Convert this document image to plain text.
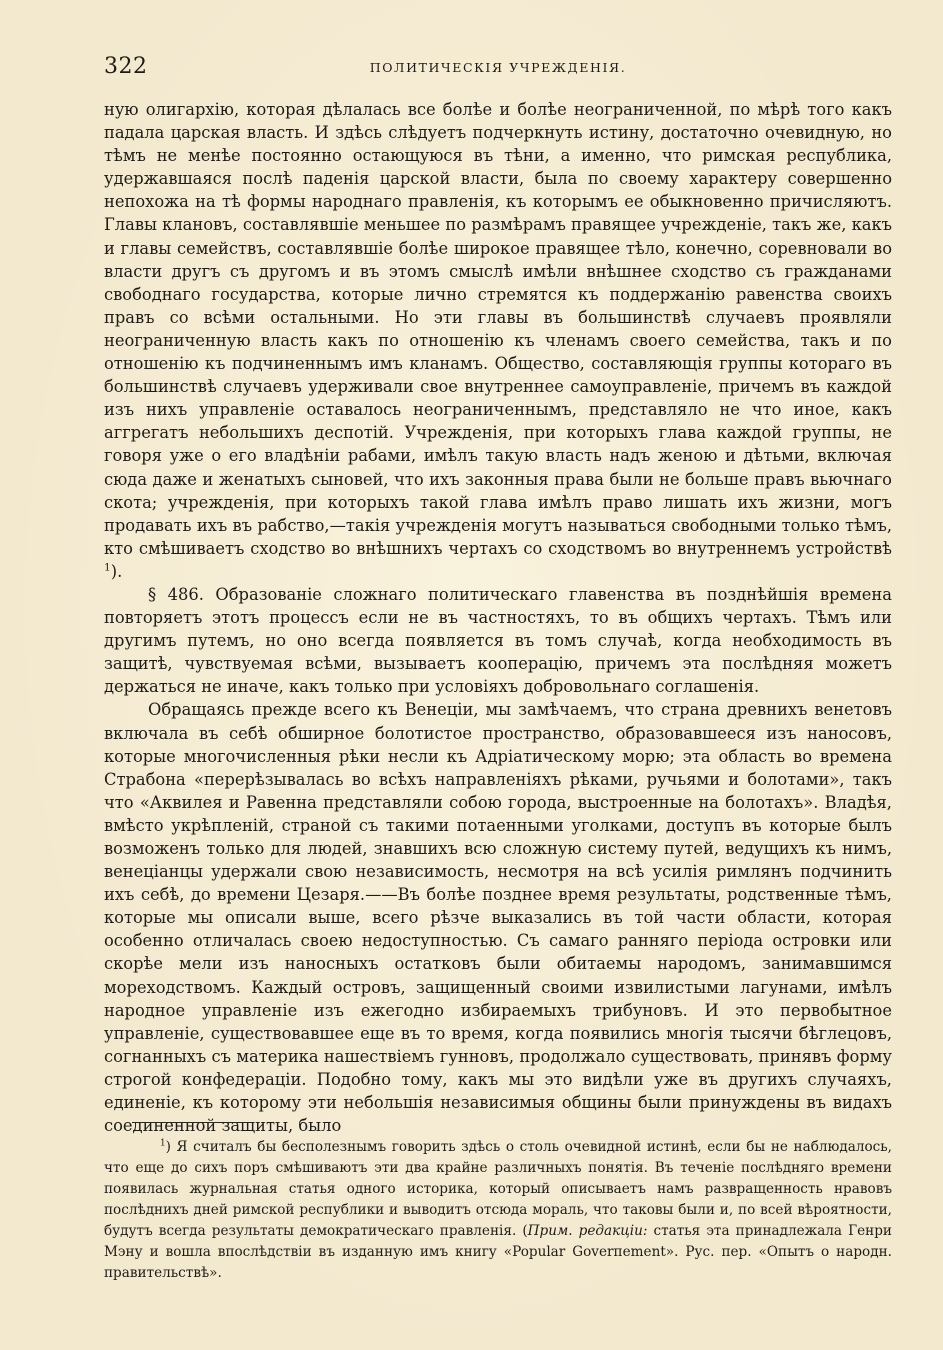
322	ПОЛИТИЧЕСКІЯ УЧРЕЖДЕНІЯ.

ную олигархію, которая дѣлалась все болѣе и болѣе неограниченной, по мѣрѣ того какъ падала царская власть. И здѣсь слѣдуетъ подчеркнуть истину, достаточно очевидную, но тѣмъ не менѣе постоянно остающуюся въ тѣни, а именно, что римская республика, удержавшаяся послѣ паденія царской власти, была по своему характеру совершенно непохожа на тѣ формы народнаго правленія, къ которымъ ее обыкновенно причисляютъ. Главы клановъ, составлявшіе меньшее по размѣрамъ правящее учрежденіе, такъ же, какъ и главы семействъ, составлявшіе болѣе широкое правящее тѣло, конечно, соревновали во власти другъ съ другомъ и въ этомъ смыслѣ имѣли внѣшнее сходство съ гражданами свободнаго государства, которые лично стремятся къ поддержанію равенства своихъ правъ со всѣми остальными. Но эти главы въ большинствѣ случаевъ проявляли неограниченную власть какъ по отношенію къ членамъ своего семейства, такъ и по отношенію къ подчиненнымъ имъ кланамъ. Общество, составляющія группы котораго въ большинствѣ случаевъ удерживали свое внутреннее самоуправленіе, причемъ въ каждой изъ нихъ управленіе оставалось неограниченнымъ, представляло не что иное, какъ аггрегатъ небольшихъ деспотій. Учрежденія, при которыхъ глава каждой группы, не говоря уже о его владѣніи рабами, имѣлъ такую власть надъ женою и дѣтьми, включая сюда даже и женатыхъ сыновей, что ихъ законныя права были не больше правъ вьючнаго скота; учрежденія, при которыхъ такой глава имѣлъ право лишать ихъ жизни, могъ продавать ихъ въ рабство,—такія учрежденія могутъ называться свободными только тѣмъ, кто смѣшиваетъ сходство во внѣшнихъ чертахъ со сходствомъ во внутреннемъ устройствѣ $^1$).

§ 486. Образованіе сложнаго политическаго главенства въ позднѣйшія времена повторяетъ этотъ процессъ если не въ частностяхъ, то въ общихъ чертахъ. Тѣмъ или другимъ путемъ, но оно всегда появляется въ томъ случаѣ, когда необходимость въ защитѣ, чувствуемая всѣми, вызываетъ кооперацію, причемъ эта послѣдняя можетъ держаться не иначе, какъ только при условіяхъ добровольнаго соглашенія.

Обращаясь прежде всего къ Венеціи, мы замѣчаемъ, что страна древнихъ венетовъ включала въ себѣ обширное болотистое пространство, образовавшееся изъ наносовъ, которые многочисленныя рѣки несли къ Адріатическому морю; эта область во времена Страбона «перерѣзывалась во всѣхъ направленіяхъ рѣками, ручьями и болотами», такъ что «Аквилея и Равенна представляли собою города, выстроенные на болотахъ». Владѣя, вмѣсто укрѣпленій, страной съ такими потаенными уголками, доступъ въ которые былъ возможенъ только для людей, знавшихъ всю сложную систему путей, ведущихъ къ нимъ, венеціанцы удержали свою независимость, несмотря на всѣ усилія римлянъ подчинить ихъ себѣ, до времени Цезаря.——Въ болѣе позднее время результаты, родственные тѣмъ, которые мы описали выше, всего рѣзче выказались въ той части области, которая особенно отличалась своею недоступностью. Съ самаго ранняго періода островки или скорѣе мели изъ наносныхъ остатковъ были обитаемы народомъ, занимавшимся мореходствомъ. Каждый островъ, защищенный своими извилистыми лагунами, имѣлъ народное управленіе изъ ежегодно избираемыхъ трибуновъ. И это первобытное управленіе, существовавшее еще въ то время, когда появились многія тысячи бѣглецовъ, согнанныхъ съ материка нашествіемъ гунновъ, продолжало существовать, принявъ форму строгой конфедераціи. Подобно тому, какъ мы это видѣли уже въ другихъ случаяхъ, единеніе, къ которому эти небольшія независимыя общины были принуждены въ видахъ соединенной защиты, было

$^1$) Я считалъ бы бесполезнымъ говорить здѣсь о столь очевидной истинѣ, если бы не наблюдалось, что еще до сихъ поръ смѣшиваютъ эти два крайне различныхъ понятія. Въ теченіе послѣдняго времени появилась журнальная статья одного историка, который описываетъ намъ развращенность нравовъ послѣднихъ дней римской республики и выводитъ отсюда мораль, что таковы были и, по всей вѣроятности, будутъ всегда результаты демократическаго правленія. (Прим. редакціи: статья эта принадлежала Генри Мэну и вошла впослѣдствіи въ изданную имъ книгу «Popular Goverпеment». Рус. пер. «Опытъ о народн. правительствѣ».
